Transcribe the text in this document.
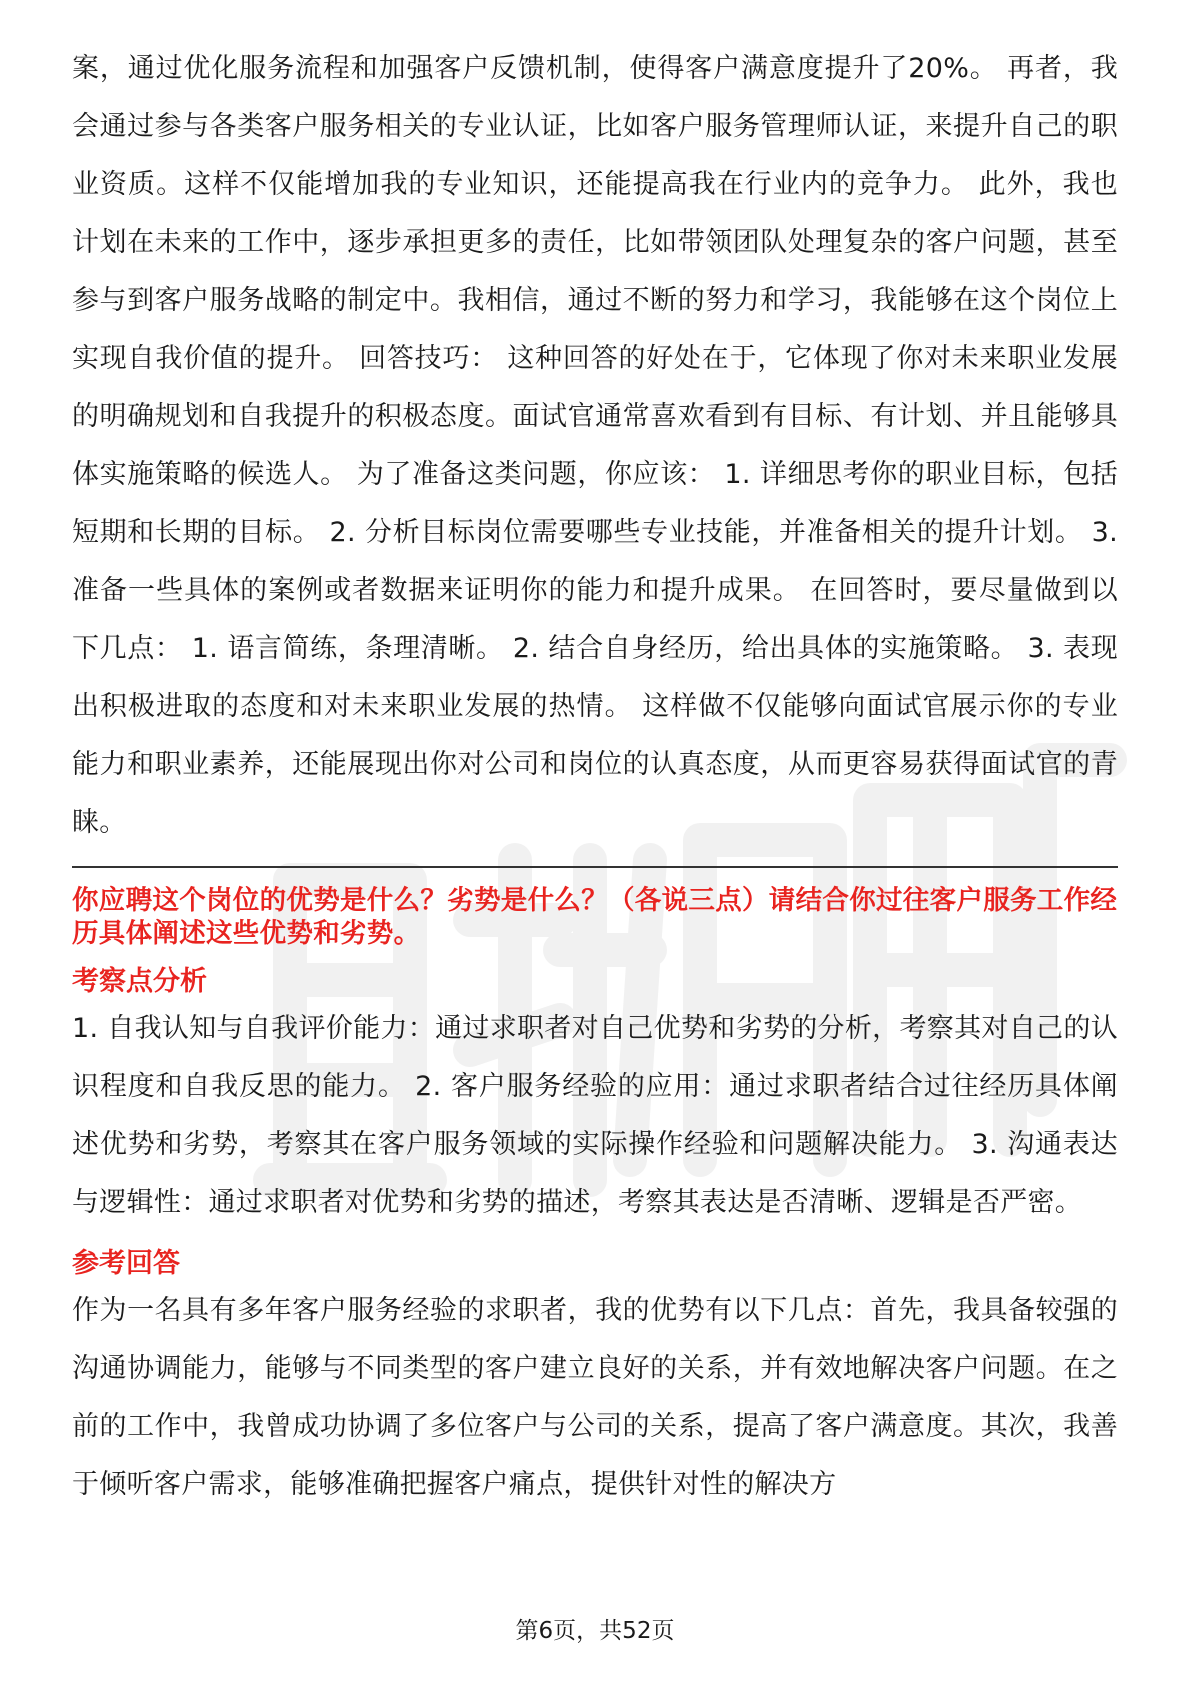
案，通过优化服务流程和加强客户反馈机制，使得客户满意度提升了20%。 再者，我会通过参与各类客户服务相关的专业认证，比如客户服务管理师认证，来提升自己的职业资质。这样不仅能增加我的专业知识，还能提高我在行业内的竞争力。 此外，我也计划在未来的工作中，逐步承担更多的责任，比如带领团队处理复杂的客户问题，甚至参与到客户服务战略的制定中。我相信，通过不断的努力和学习，我能够在这个岗位上实现自我价值的提升。 回答技巧： 这种回答的好处在于，它体现了你对未来职业发展的明确规划和自我提升的积极态度。面试官通常喜欢看到有目标、有计划、并且能够具体实施策略的候选人。 为了准备这类问题，你应该： 1. 详细思考你的职业目标，包括短期和长期的目标。 2. 分析目标岗位需要哪些专业技能，并准备相关的提升计划。 3. 准备一些具体的案例或者数据来证明你的能力和提升成果。 在回答时，要尽量做到以下几点： 1. 语言简练，条理清晰。 2. 结合自身经历，给出具体的实施策略。 3. 表现出积极进取的态度和对未来职业发展的热情。 这样做不仅能够向面试官展示你的专业能力和职业素养，还能展现出你对公司和岗位的认真态度，从而更容易获得面试官的青睐。

你应聘这个岗位的优势是什么？劣势是什么？（各说三点）请结合你过往客户服务工作经历具体阐述这些优势和劣势。

考察点分析

1. 自我认知与自我评价能力：通过求职者对自己优势和劣势的分析，考察其对自己的认识程度和自我反思的能力。 2. 客户服务经验的应用：通过求职者结合过往经历具体阐述优势和劣势，考察其在客户服务领域的实际操作经验和问题解决能力。 3. 沟通表达与逻辑性：通过求职者对优势和劣势的描述，考察其表达是否清晰、逻辑是否严密。

参考回答

作为一名具有多年客户服务经验的求职者，我的优势有以下几点：首先，我具备较强的沟通协调能力，能够与不同类型的客户建立良好的关系，并有效地解决客户问题。在之前的工作中，我曾成功协调了多位客户与公司的关系，提高了客户满意度。其次，我善于倾听客户需求，能够准确把握客户痛点，提供针对性的解决方

第6页，共52页
